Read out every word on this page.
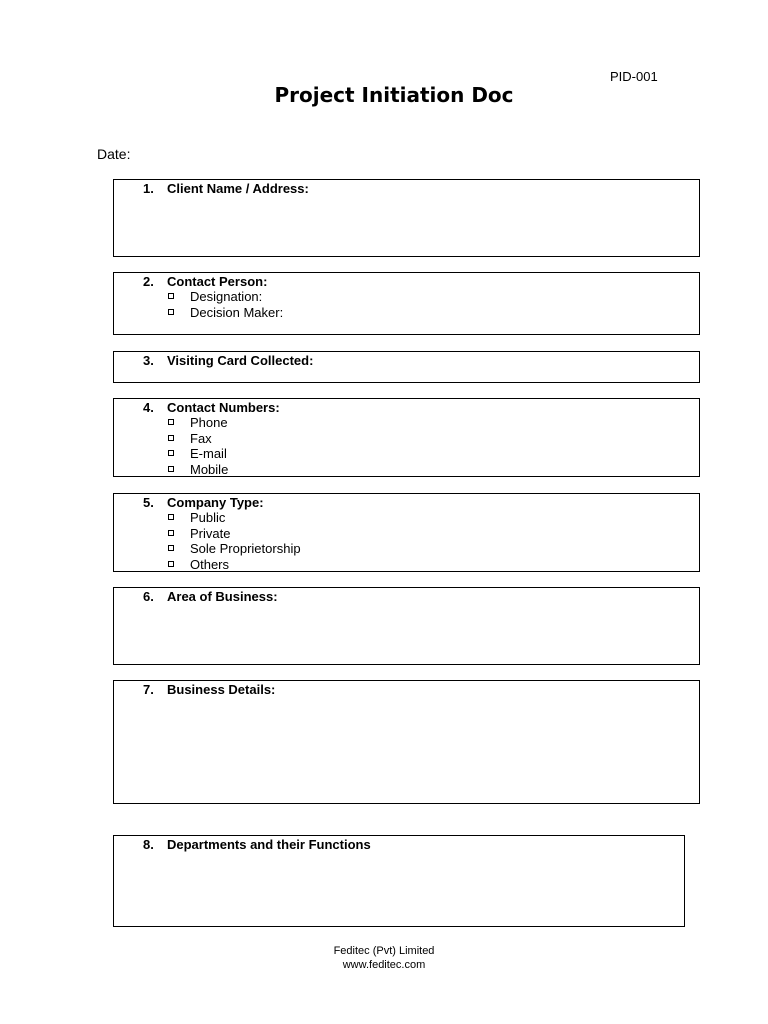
PID-001
Project Initiation Doc
Date:
1. Client Name / Address:
2. Contact Person:
Designation:
Decision Maker:
3. Visiting Card Collected:
4. Contact Numbers:
Phone
Fax
E-mail
Mobile
5. Company Type:
Public
Private
Sole Proprietorship
Others
6. Area of Business:
7. Business Details:
8. Departments and their Functions
Feditec (Pvt) Limited
www.feditec.com
